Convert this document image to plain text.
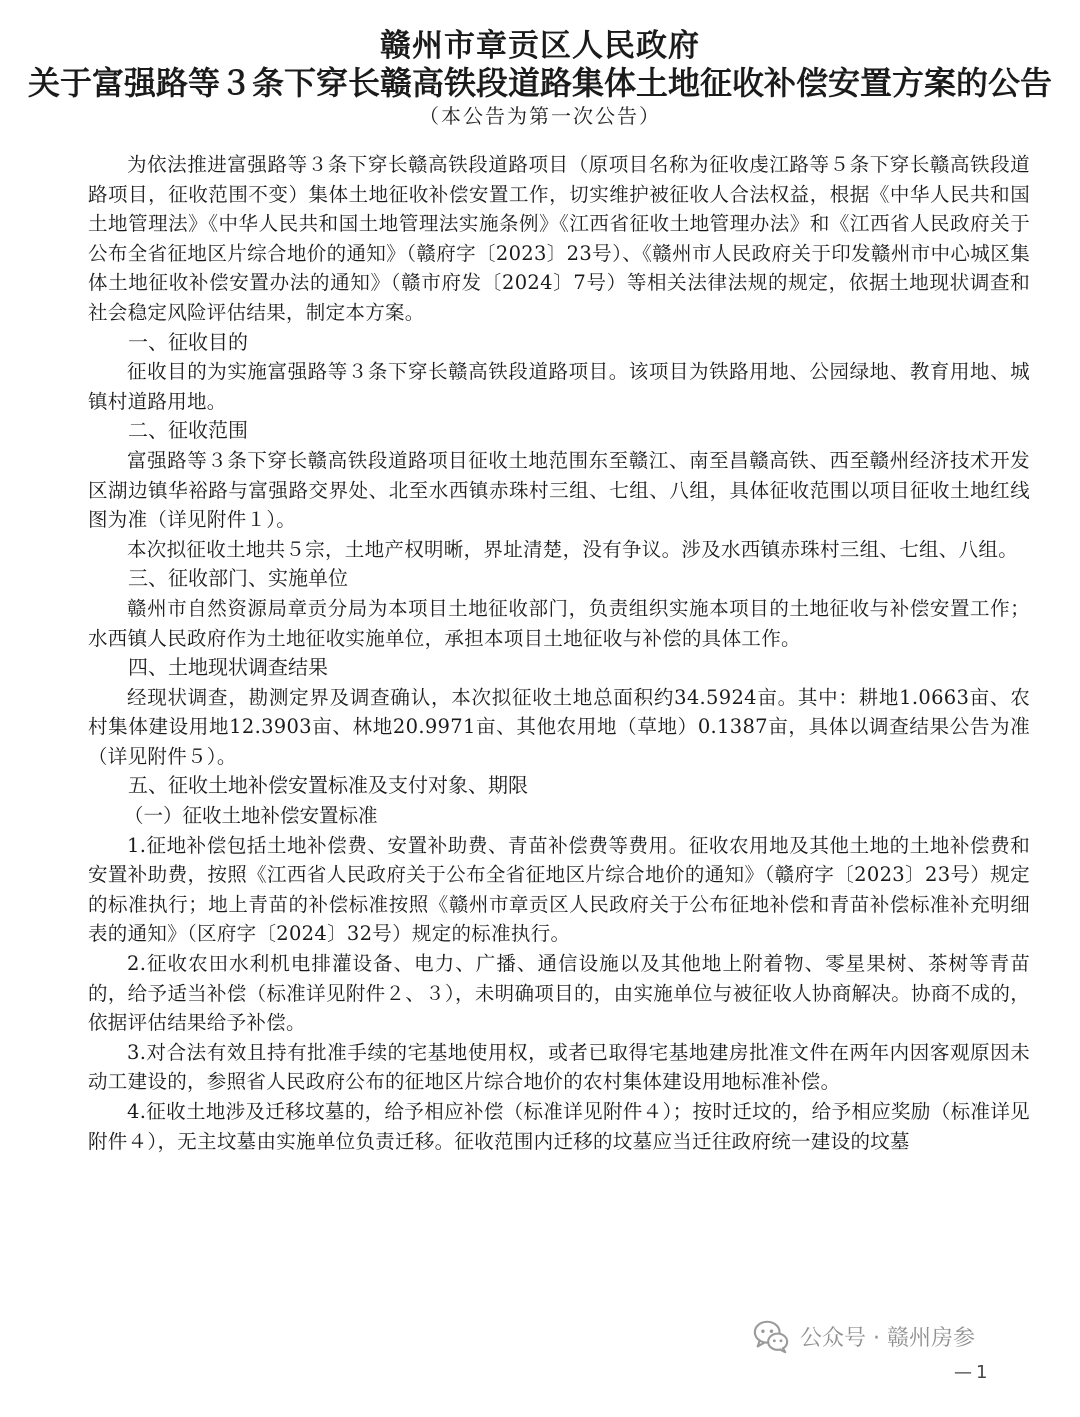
赣州市章贡区人民政府
关于富强路等３条下穿长赣高铁段道路集体土地征收补偿安置方案的公告
（本公告为第一次公告）

为依法推进富强路等３条下穿长赣高铁段道路项目（原项目名称为征收虔江路等５条下穿长赣高铁段道路项目，征收范围不变）集体土地征收补偿安置工作，切实维护被征收人合法权益，根据《中华人民共和国土地管理法》《中华人民共和国土地管理法实施条例》《江西省征收土地管理办法》和《江西省人民政府关于公布全省征地区片综合地价的通知》（赣府字〔2023〕23号）、《赣州市人民政府关于印发赣州市中心城区集体土地征收补偿安置办法的通知》（赣市府发〔2024〕7号）等相关法律法规的规定，依据土地现状调查和社会稳定风险评估结果，制定本方案。

一、征收目的

征收目的为实施富强路等３条下穿长赣高铁段道路项目。该项目为铁路用地、公园绿地、教育用地、城镇村道路用地。

二、征收范围

富强路等３条下穿长赣高铁段道路项目征收土地范围东至赣江、南至昌赣高铁、西至赣州经济技术开发区湖边镇华裕路与富强路交界处、北至水西镇赤珠村三组、七组、八组，具体征收范围以项目征收土地红线图为准（详见附件１）。

本次拟征收土地共５宗，土地产权明晰，界址清楚，没有争议。涉及水西镇赤珠村三组、七组、八组。

三、征收部门、实施单位

赣州市自然资源局章贡分局为本项目土地征收部门，负责组织实施本项目的土地征收与补偿安置工作；水西镇人民政府作为土地征收实施单位，承担本项目土地征收与补偿的具体工作。

四、土地现状调查结果

经现状调查，勘测定界及调查确认，本次拟征收土地总面积约34.5924亩。其中：耕地1.0663亩、农村集体建设用地12.3903亩、林地20.9971亩、其他农用地（草地）0.1387亩，具体以调查结果公告为准（详见附件５）。

五、征收土地补偿安置标准及支付对象、期限

（一）征收土地补偿安置标准

1.征地补偿包括土地补偿费、安置补助费、青苗补偿费等费用。征收农用地及其他土地的土地补偿费和安置补助费，按照《江西省人民政府关于公布全省征地区片综合地价的通知》（赣府字〔2023〕23号）规定的标准执行；地上青苗的补偿标准按照《赣州市章贡区人民政府关于公布征地补偿和青苗补偿标准补充明细表的通知》（区府字〔2024〕32号）规定的标准执行。

2.征收农田水利机电排灌设备、电力、广播、通信设施以及其他地上附着物、零星果树、茶树等青苗的，给予适当补偿（标准详见附件２、３），未明确项目的，由实施单位与被征收人协商解决。协商不成的，依据评估结果给予补偿。

3.对合法有效且持有批准手续的宅基地使用权，或者已取得宅基地建房批准文件在两年内因客观原因未动工建设的，参照省人民政府公布的征地区片综合地价的农村集体建设用地标准补偿。

4.征收土地涉及迁移坟墓的，给予相应补偿（标准详见附件４）；按时迁坟的，给予相应奖励（标准详见附件４），无主坟墓由实施单位负责迁移。征收范围内迁移的坟墓应当迁往政府统一建设的坟墓

公众号 · 赣州房参
— 1
